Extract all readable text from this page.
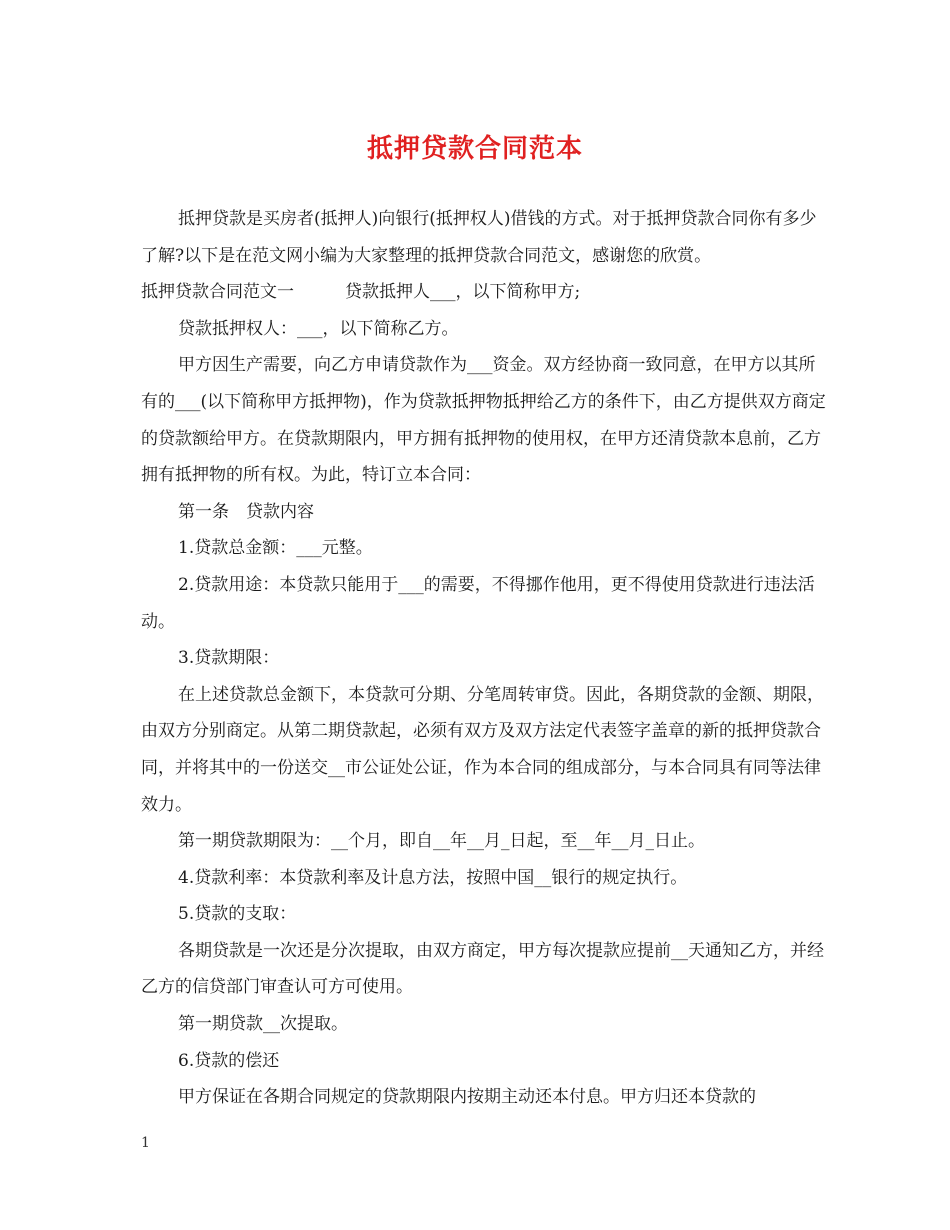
抵押贷款合同范本

抵押贷款是买房者(抵押人)向银行(抵押权人)借钱的方式。对于抵押贷款合同你有多少了解?以下是在范文网小编为大家整理的抵押贷款合同范文，感谢您的欣赏。

抵押贷款合同范文一　　　贷款抵押人___，以下简称甲方;

贷款抵押权人：___，以下简称乙方。

甲方因生产需要，向乙方申请贷款作为___资金。双方经协商一致同意，在甲方以其所有的___(以下简称甲方抵押物)，作为贷款抵押物抵押给乙方的条件下，由乙方提供双方商定的贷款额给甲方。在贷款期限内，甲方拥有抵押物的使用权，在甲方还清贷款本息前，乙方拥有抵押物的所有权。为此，特订立本合同：

第一条　贷款内容

1.贷款总金额：___元整。

2.贷款用途：本贷款只能用于___的需要，不得挪作他用，更不得使用贷款进行违法活动。

3.贷款期限：

在上述贷款总金额下，本贷款可分期、分笔周转审贷。因此，各期贷款的金额、期限，由双方分别商定。从第二期贷款起，必须有双方及双方法定代表签字盖章的新的抵押贷款合同，并将其中的一份送交__市公证处公证，作为本合同的组成部分，与本合同具有同等法律效力。

第一期贷款期限为：__个月，即自__年__月_日起，至__年__月_日止。

4.贷款利率：本贷款利率及计息方法，按照中国__银行的规定执行。

5.贷款的支取：

各期贷款是一次还是分次提取，由双方商定，甲方每次提款应提前__天通知乙方，并经乙方的信贷部门审查认可方可使用。

第一期贷款__次提取。

6.贷款的偿还

甲方保证在各期合同规定的贷款期限内按期主动还本付息。甲方归还本贷款的

1
